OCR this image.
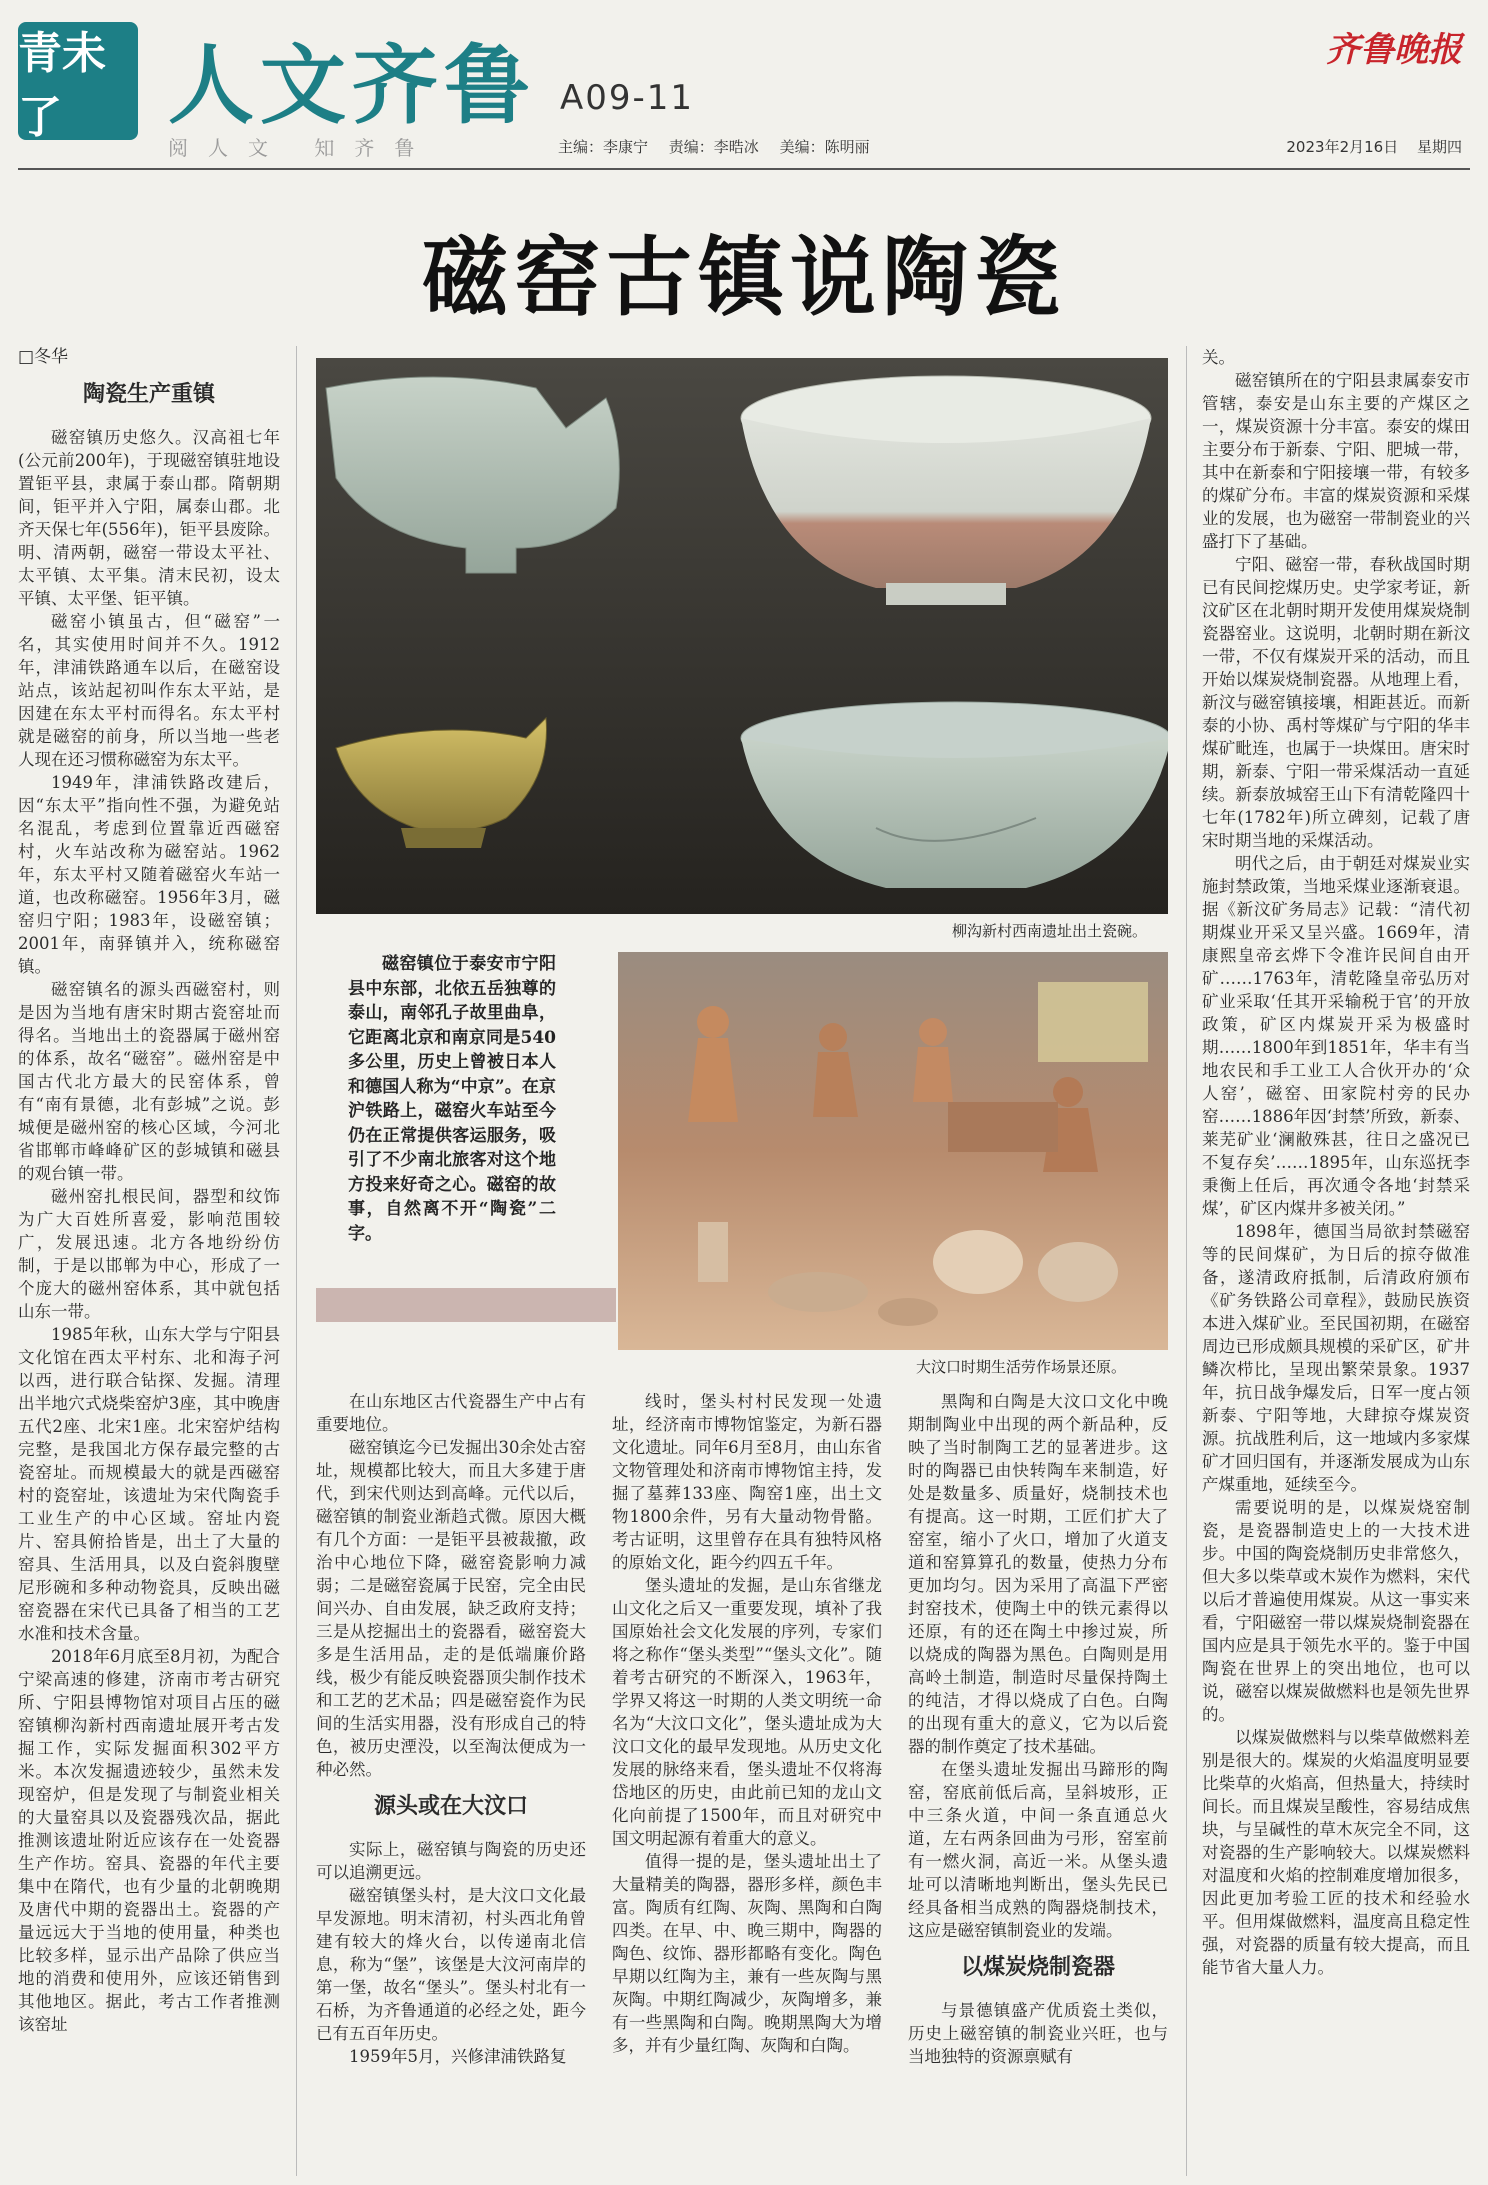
青未了	人文齐鲁 A09-11
阅人文 知齐鲁	主编：李康宁 责编：李晧冰 美编：陈明丽
齐鲁晚报
2023年2月16日 星期四
磁窑古镇说陶瓷
柳沟新村西南遗址出土瓷碗。

磁窑镇位于泰安市宁阳县中东部，北依五岳独尊的泰山，南邻孔子故里曲阜，它距离北京和南京同是540多公里，历史上曾被日本人和德国人称为“中京”。在京沪铁路上，磁窑火车站至今仍在正常提供客运服务，吸引了不少南北旅客对这个地方投来好奇之心。磁窑的故事，自然离不开“陶瓷”二字。

大汶口时期生活劳作场景还原。

□冬华

陶瓷生产重镇

磁窑镇历史悠久。汉高祖七年(公元前200年)，于现磁窑镇驻地设置钜平县，隶属于泰山郡。隋朝期间，钜平并入宁阳，属泰山郡。北齐天保七年(556年)，钜平县废除。明、清两朝，磁窑一带设太平社、太平镇、太平集。清末民初，设太平镇、太平堡、钜平镇。

磁窑小镇虽古，但“磁窑”一名，其实使用时间并不久。1912年，津浦铁路通车以后，在磁窑设站点，该站起初叫作东太平站，是因建在东太平村而得名。东太平村就是磁窑的前身，所以当地一些老人现在还习惯称磁窑为东太平。

1949年，津浦铁路改建后，因“东太平”指向性不强，为避免站名混乱，考虑到位置靠近西磁窑村，火车站改称为磁窑站。1962年，东太平村又随着磁窑火车站一道，也改称磁窑。1956年3月，磁窑归宁阳；1983年，设磁窑镇；2001年，南驿镇并入，统称磁窑镇。

磁窑镇名的源头西磁窑村，则是因为当地有唐宋时期古瓷窑址而得名。当地出土的瓷器属于磁州窑的体系，故名“磁窑”。磁州窑是中国古代北方最大的民窑体系，曾有“南有景德，北有彭城”之说。彭城便是磁州窑的核心区域，今河北省邯郸市峰峰矿区的彭城镇和磁县的观台镇一带。

磁州窑扎根民间，器型和纹饰为广大百姓所喜爱，影响范围较广，发展迅速。北方各地纷纷仿制，于是以邯郸为中心，形成了一个庞大的磁州窑体系，其中就包括山东一带。

1985年秋，山东大学与宁阳县文化馆在西太平村东、北和海子河以西，进行联合钻探、发掘。清理出半地穴式烧柴窑炉3座，其中晚唐五代2座、北宋1座。北宋窑炉结构完整，是我国北方保存最完整的古瓷窑址。而规模最大的就是西磁窑村的瓷窑址，该遗址为宋代陶瓷手工业生产的中心区域。窑址内瓷片、窑具俯拾皆是，出土了大量的窑具、生活用具，以及白瓷斜腹壁尼形碗和多种动物瓷具，反映出磁窑瓷器在宋代已具备了相当的工艺水准和技术含量。

2018年6月底至8月初，为配合宁梁高速的修建，济南市考古研究所、宁阳县博物馆对项目占压的磁窑镇柳沟新村西南遗址展开考古发掘工作，实际发掘面积302平方米。本次发掘遗迹较少，虽然未发现窑炉，但是发现了与制瓷业相关的大量窑具以及瓷器残次品，据此推测该遗址附近应该存在一处瓷器生产作坊。窑具、瓷器的年代主要集中在隋代，也有少量的北朝晚期及唐代中期的瓷器出土。瓷器的产量远远大于当地的使用量，种类也比较多样，显示出产品除了供应当地的消费和使用外，应该还销售到其他地区。据此，考古工作者推测该窑址

在山东地区古代瓷器生产中占有重要地位。

磁窑镇迄今已发掘出30余处古窑址，规模都比较大，而且大多建于唐代，到宋代则达到高峰。元代以后，磁窑镇的制瓷业渐趋式微。原因大概有几个方面：一是钜平县被裁撤，政治中心地位下降，磁窑瓷影响力减弱；二是磁窑瓷属于民窑，完全由民间兴办、自由发展，缺乏政府支持；三是从挖掘出土的瓷器看，磁窑瓷大多是生活用品，走的是低端廉价路线，极少有能反映瓷器顶尖制作技术和工艺的艺术品；四是磁窑瓷作为民间的生活实用器，没有形成自己的特色，被历史湮没，以至淘汰便成为一种必然。

源头或在大汶口

实际上，磁窑镇与陶瓷的历史还可以追溯更远。

磁窑镇堡头村，是大汶口文化最早发源地。明末清初，村头西北角曾建有较大的烽火台，以传递南北信息，称为“堡”，该堡是大汶河南岸的第一堡，故名“堡头”。堡头村北有一石桥，为齐鲁通道的必经之处，距今已有五百年历史。

1959年5月，兴修津浦铁路复

线时，堡头村村民发现一处遗址，经济南市博物馆鉴定，为新石器文化遗址。同年6月至8月，由山东省文物管理处和济南市博物馆主持，发掘了墓葬133座、陶窑1座，出土文物1800余件，另有大量动物骨骼。考古证明，这里曾存在具有独特风格的原始文化，距今约四五千年。

堡头遗址的发掘，是山东省继龙山文化之后又一重要发现，填补了我国原始社会文化发展的序列，专家们将之称作“堡头类型”“堡头文化”。随着考古研究的不断深入，1963年，学界又将这一时期的人类文明统一命名为“大汶口文化”，堡头遗址成为大汶口文化的最早发现地。从历史文化发展的脉络来看，堡头遗址不仅将海岱地区的历史，由此前已知的龙山文化向前提了1500年，而且对研究中国文明起源有着重大的意义。

值得一提的是，堡头遗址出土了大量精美的陶器，器形多样，颜色丰富。陶质有红陶、灰陶、黑陶和白陶四类。在早、中、晚三期中，陶器的陶色、纹饰、器形都略有变化。陶色早期以红陶为主，兼有一些灰陶与黑灰陶。中期红陶减少，灰陶增多，兼有一些黑陶和白陶。晚期黑陶大为增多，并有少量红陶、灰陶和白陶。

黑陶和白陶是大汶口文化中晚期制陶业中出现的两个新品种，反映了当时制陶工艺的显著进步。这时的陶器已由快转陶车来制造，好处是数量多、质量好，烧制技术也有提高。这一时期，工匠们扩大了窑室，缩小了火口，增加了火道支道和窑算算孔的数量，使热力分布更加均匀。因为采用了高温下严密封窑技术，使陶土中的铁元素得以还原，有的还在陶土中掺过炭，所以烧成的陶器为黑色。白陶则是用高岭土制造，制造时尽量保持陶土的纯洁，才得以烧成了白色。白陶的出现有重大的意义，它为以后瓷器的制作奠定了技术基础。

在堡头遗址发掘出马蹄形的陶窑，窑底前低后高，呈斜坡形，正中三条火道，中间一条直通总火道，左右两条回曲为弓形，窑室前有一燃火洞，高近一米。从堡头遗址可以清晰地判断出，堡头先民已经具备相当成熟的陶器烧制技术，这应是磁窑镇制瓷业的发端。

以煤炭烧制瓷器

与景德镇盛产优质瓷土类似，历史上磁窑镇的制瓷业兴旺，也与当地独特的资源禀赋有

关。

磁窑镇所在的宁阳县隶属泰安市管辖，泰安是山东主要的产煤区之一，煤炭资源十分丰富。泰安的煤田主要分布于新泰、宁阳、肥城一带，其中在新泰和宁阳接壤一带，有较多的煤矿分布。丰富的煤炭资源和采煤业的发展，也为磁窑一带制瓷业的兴盛打下了基础。

宁阳、磁窑一带，春秋战国时期已有民间挖煤历史。史学家考证，新汶矿区在北朝时期开发使用煤炭烧制瓷器窑业。这说明，北朝时期在新汶一带，不仅有煤炭开采的活动，而且开始以煤炭烧制瓷器。从地理上看，新汶与磁窑镇接壤，相距甚近。而新泰的小协、禹村等煤矿与宁阳的华丰煤矿毗连，也属于一块煤田。唐宋时期，新泰、宁阳一带采煤活动一直延续。新泰放城窑王山下有清乾隆四十七年(1782年)所立碑刻，记载了唐宋时期当地的采煤活动。

明代之后，由于朝廷对煤炭业实施封禁政策，当地采煤业逐渐衰退。据《新汶矿务局志》记载：“清代初期煤业开采又呈兴盛。1669年，清康熙皇帝玄烨下令准许民间自由开矿……1763年，清乾隆皇帝弘历对矿业采取‘任其开采输税于官’的开放政策，矿区内煤炭开采为极盛时期……1800年到1851年，华丰有当地农民和手工业工人合伙开办的‘众人窑’，磁窑、田家院村旁的民办窑……1886年因‘封禁’所致，新泰、莱芜矿业‘澜敝殊甚，往日之盛况已不复存矣’……1895年，山东巡抚李秉衡上任后，再次通令各地‘封禁采煤’，矿区内煤井多被关闭。”

1898年，德国当局欲封禁磁窑等的民间煤矿，为日后的掠夺做准备，遂清政府抵制，后清政府颁布《矿务铁路公司章程》，鼓励民族资本进入煤矿业。至民国初期，在磁窑周边已形成颇具规模的采矿区，矿井鳞次栉比，呈现出繁荣景象。1937年，抗日战争爆发后，日军一度占领新泰、宁阳等地，大肆掠夺煤炭资源。抗战胜利后，这一地域内多家煤矿才回归国有，并逐渐发展成为山东产煤重地，延续至今。

需要说明的是，以煤炭烧窑制瓷，是瓷器制造史上的一大技术进步。中国的陶瓷烧制历史非常悠久，但大多以柴草或木炭作为燃料，宋代以后才普遍使用煤炭。从这一事实来看，宁阳磁窑一带以煤炭烧制瓷器在国内应是具于领先水平的。鉴于中国陶瓷在世界上的突出地位，也可以说，磁窑以煤炭做燃料也是领先世界的。

以煤炭做燃料与以柴草做燃料差别是很大的。煤炭的火焰温度明显要比柴草的火焰高，但热量大，持续时间长。而且煤炭呈酸性，容易结成焦块，与呈碱性的草木灰完全不同，这对瓷器的生产影响较大。以煤炭燃料对温度和火焰的控制难度增加很多，因此更加考验工匠的技术和经验水平。但用煤做燃料，温度高且稳定性强，对瓷器的质量有较大提高，而且能节省大量人力。
